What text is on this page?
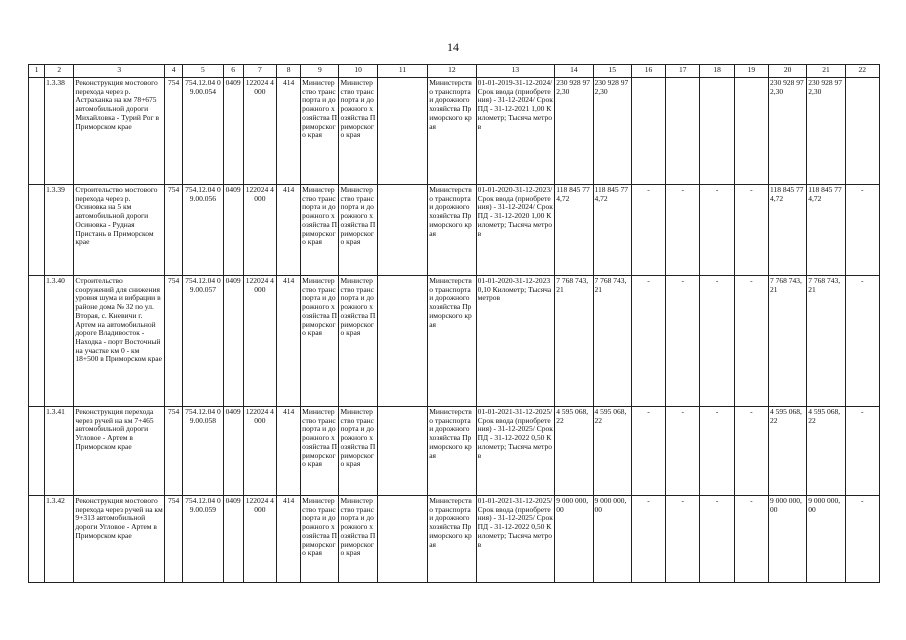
14
1	2	3	4	5	6	7	8	9	10	11	12	13	14	15	16	17	18	19	20	21	22
	1.3.38	Реконструкция мостового перехода через р. Астраханка на км 78+675 автомобильной дороги Михайловка - Турий Рог в Приморском крае	754	754.12.04 09.00.054	0409	122024 4000	414	Министерство транспорта и дорожного хозяйства Приморского края	Министерство транспорта и дорожного хозяйства Приморского края		Министерство транспорта и дорожного хозяйства Приморского края	01-01-2019-31-12-2024/ Срок ввода (приобретения) - 31-12-2024/ Срок ПД - 31-12-2021 1,00 Километр; Тысяча метров	230 928 972,30	230 928 972,30					230 928 972,30	230 928 972,30	
	1.3.39	Строительство мостового перехода через р. Осиновка на 5 км автомобильной дороги Осиновка - Рудная Пристань в Приморском крае	754	754.12.04 09.00.056	0409	122024 4000	414	Министерство транспорта и дорожного хозяйства Приморского края	Министерство транспорта и дорожного хозяйства Приморского края		Министерство транспорта и дорожного хозяйства Приморского края	01-01-2020-31-12-2023/ Срок ввода (приобретения) - 31-12-2024/ Срок ПД - 31-12-2020 1,00 Километр; Тысяча метров	118 845 774,72	118 845 774,72	-	-	-	-	118 845 774,72	118 845 774,72	-
	1.3.40	Строительство сооружений для снижения уровня шума и вибрации в районе дома № 32 по ул. Вторая, с. Кневичи г. Артем на автомобильной дороге Владивосток - Находка - порт Восточный на участке км 0 - км 18+500 в Приморском крае	754	754.12.04 09.00.057	0409	122024 4000	414	Министерство транспорта и дорожного хозяйства Приморского края	Министерство транспорта и дорожного хозяйства Приморского края		Министерство транспорта и дорожного хозяйства Приморского края	01-01-2020-31-12-2023 0,10 Километр; Тысяча метров	7 768 743,21	7 768 743,21	-	-	-	-	7 768 743,21	7 768 743,21	-
	1.3.41	Реконструкция перехода через ручей на км 7+465 автомобильной дороги Угловое - Артем в Приморском крае	754	754.12.04 09.00.058	0409	122024 4000	414	Министерство транспорта и дорожного хозяйства Приморского края	Министерство транспорта и дорожного хозяйства Приморского края		Министерство транспорта и дорожного хозяйства Приморского края	01-01-2021-31-12-2025/ Срок ввода (приобретения) - 31-12-2025/ Срок ПД - 31-12-2022 0,50 Километр; Тысяча метров	4 595 068,22	4 595 068,22	-	-	-	-	4 595 068,22	4 595 068,22	-
	1.3.42	Реконструкция мостового перехода через ручей на км 9+313 автомобильной дороги Угловое - Артем в Приморском крае	754	754.12.04 09.00.059	0409	122024 4000	414	Министерство транспорта и дорожного хозяйства Приморского края	Министерство транспорта и дорожного хозяйства Приморского края		Министерство транспорта и дорожного хозяйства Приморского края	01-01-2021-31-12-2025/ Срок ввода (приобретения) - 31-12-2025/ Срок ПД - 31-12-2022 0,50 Километр; Тысяча метров	9 000 000,00	9 000 000,00	-	-	-	-	9 000 000,00	9 000 000,00	-
